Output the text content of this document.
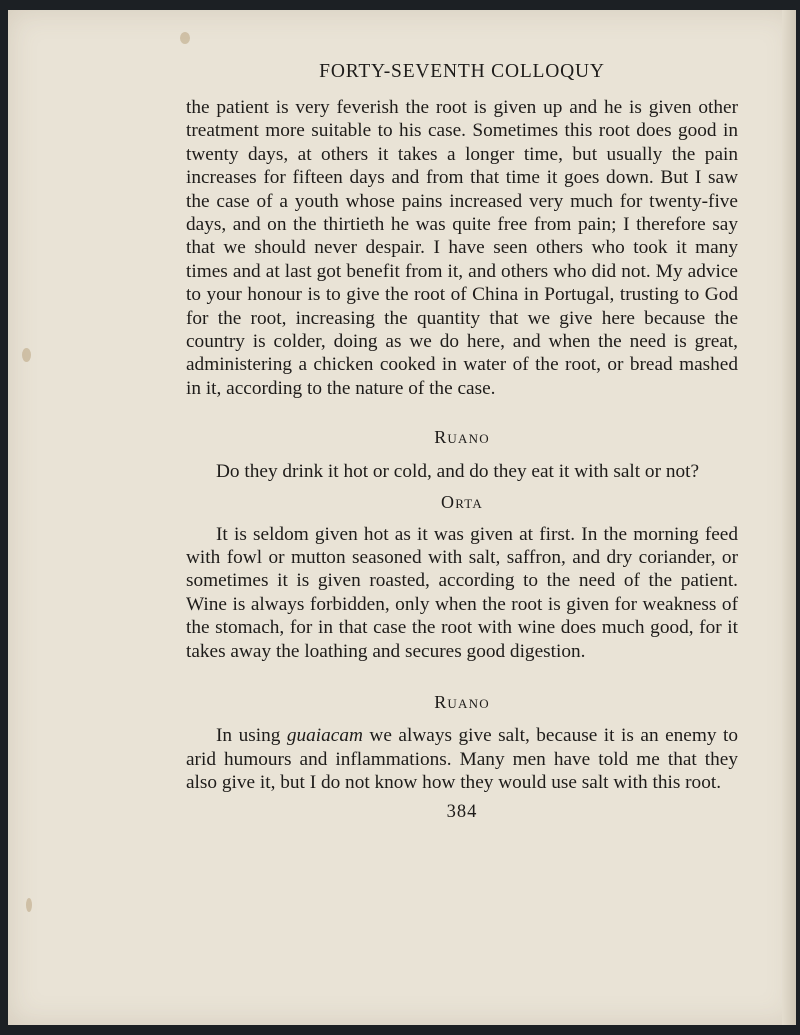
FORTY-SEVENTH COLLOQUY

the patient is very feverish the root is given up and he is given other treatment more suitable to his case. Sometimes this root does good in twenty days, at others it takes a longer time, but usually the pain increases for fifteen days and from that time it goes down. But I saw the case of a youth whose pains increased very much for twenty-five days, and on the thirtieth he was quite free from pain; I therefore say that we should never despair. I have seen others who took it many times and at last got benefit from it, and others who did not. My advice to your honour is to give the root of China in Portugal, trusting to God for the root, increasing the quantity that we give here because the country is colder, doing as we do here, and when the need is great, administering a chicken cooked in water of the root, or bread mashed in it, according to the nature of the case.

Ruano

Do they drink it hot or cold, and do they eat it with salt or not?

Orta

It is seldom given hot as it was given at first. In the morning feed with fowl or mutton seasoned with salt, saffron, and dry coriander, or sometimes it is given roasted, according to the need of the patient. Wine is always forbidden, only when the root is given for weakness of the stomach, for in that case the root with wine does much good, for it takes away the loathing and secures good digestion.

Ruano

In using guaiacam we always give salt, because it is an enemy to arid humours and inflammations. Many men have told me that they also give it, but I do not know how they would use salt with this root.

384
